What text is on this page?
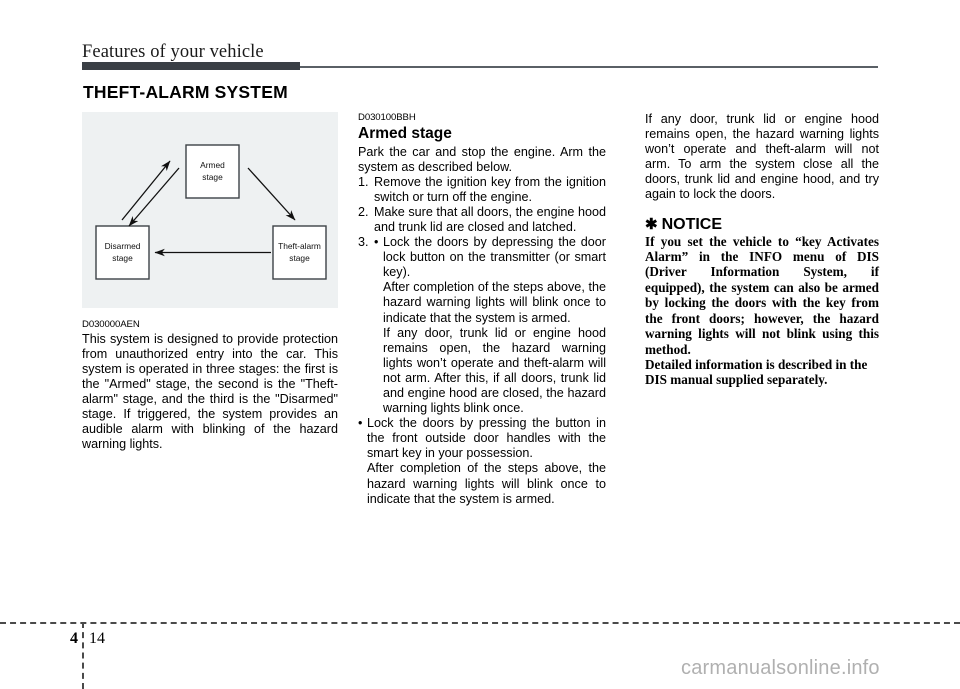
Features of your vehicle
THEFT-ALARM SYSTEM
Armed
stage
Disarmed
stage
Theft-alarm
stage
D030000AEN

This system is designed to provide protection from unauthorized entry into the car. This system is operated in three stages: the first is the "Armed" stage, the second is the "Theft-alarm" stage, and the third is the "Disarmed" stage. If triggered, the system provides an audible alarm with blinking of the hazard warning lights.

D030100BBH
Armed stage

Park the car and stop the engine. Arm the system as described below.

1. Remove the ignition key from the ignition switch or turn off the engine.
2. Make sure that all doors, the engine hood and trunk lid are closed and latched.
3. • Lock the doors by depressing the door lock button on the transmitter (or smart key).
After completion of the steps above, the hazard warning lights will blink once to indicate that the system is armed.
If any door, trunk lid or engine hood remains open, the hazard warning lights won’t operate and theft-alarm will not arm. After this, if all doors, trunk lid and engine hood are closed, the hazard warning lights blink once.
• Lock the doors by pressing the button in the front outside door handles with the smart key in your possession.
After completion of the steps above, the hazard warning lights will blink once to indicate that the system is armed.

If any door, trunk lid or engine hood remains open, the hazard warning lights won’t operate and theft-alarm will not arm. To arm the system close all the doors, trunk lid and engine hood, and try again to lock the doors.

✱ NOTICE

If you set the vehicle to “key Activates Alarm” in the INFO menu of DIS (Driver Information System, if equipped), the system can also be armed by locking the doors with the key from the front doors; however, the hazard warning lights will not blink using this method.

Detailed information is described in the DIS manual supplied separately.

4 14
carmanualsonline.info
